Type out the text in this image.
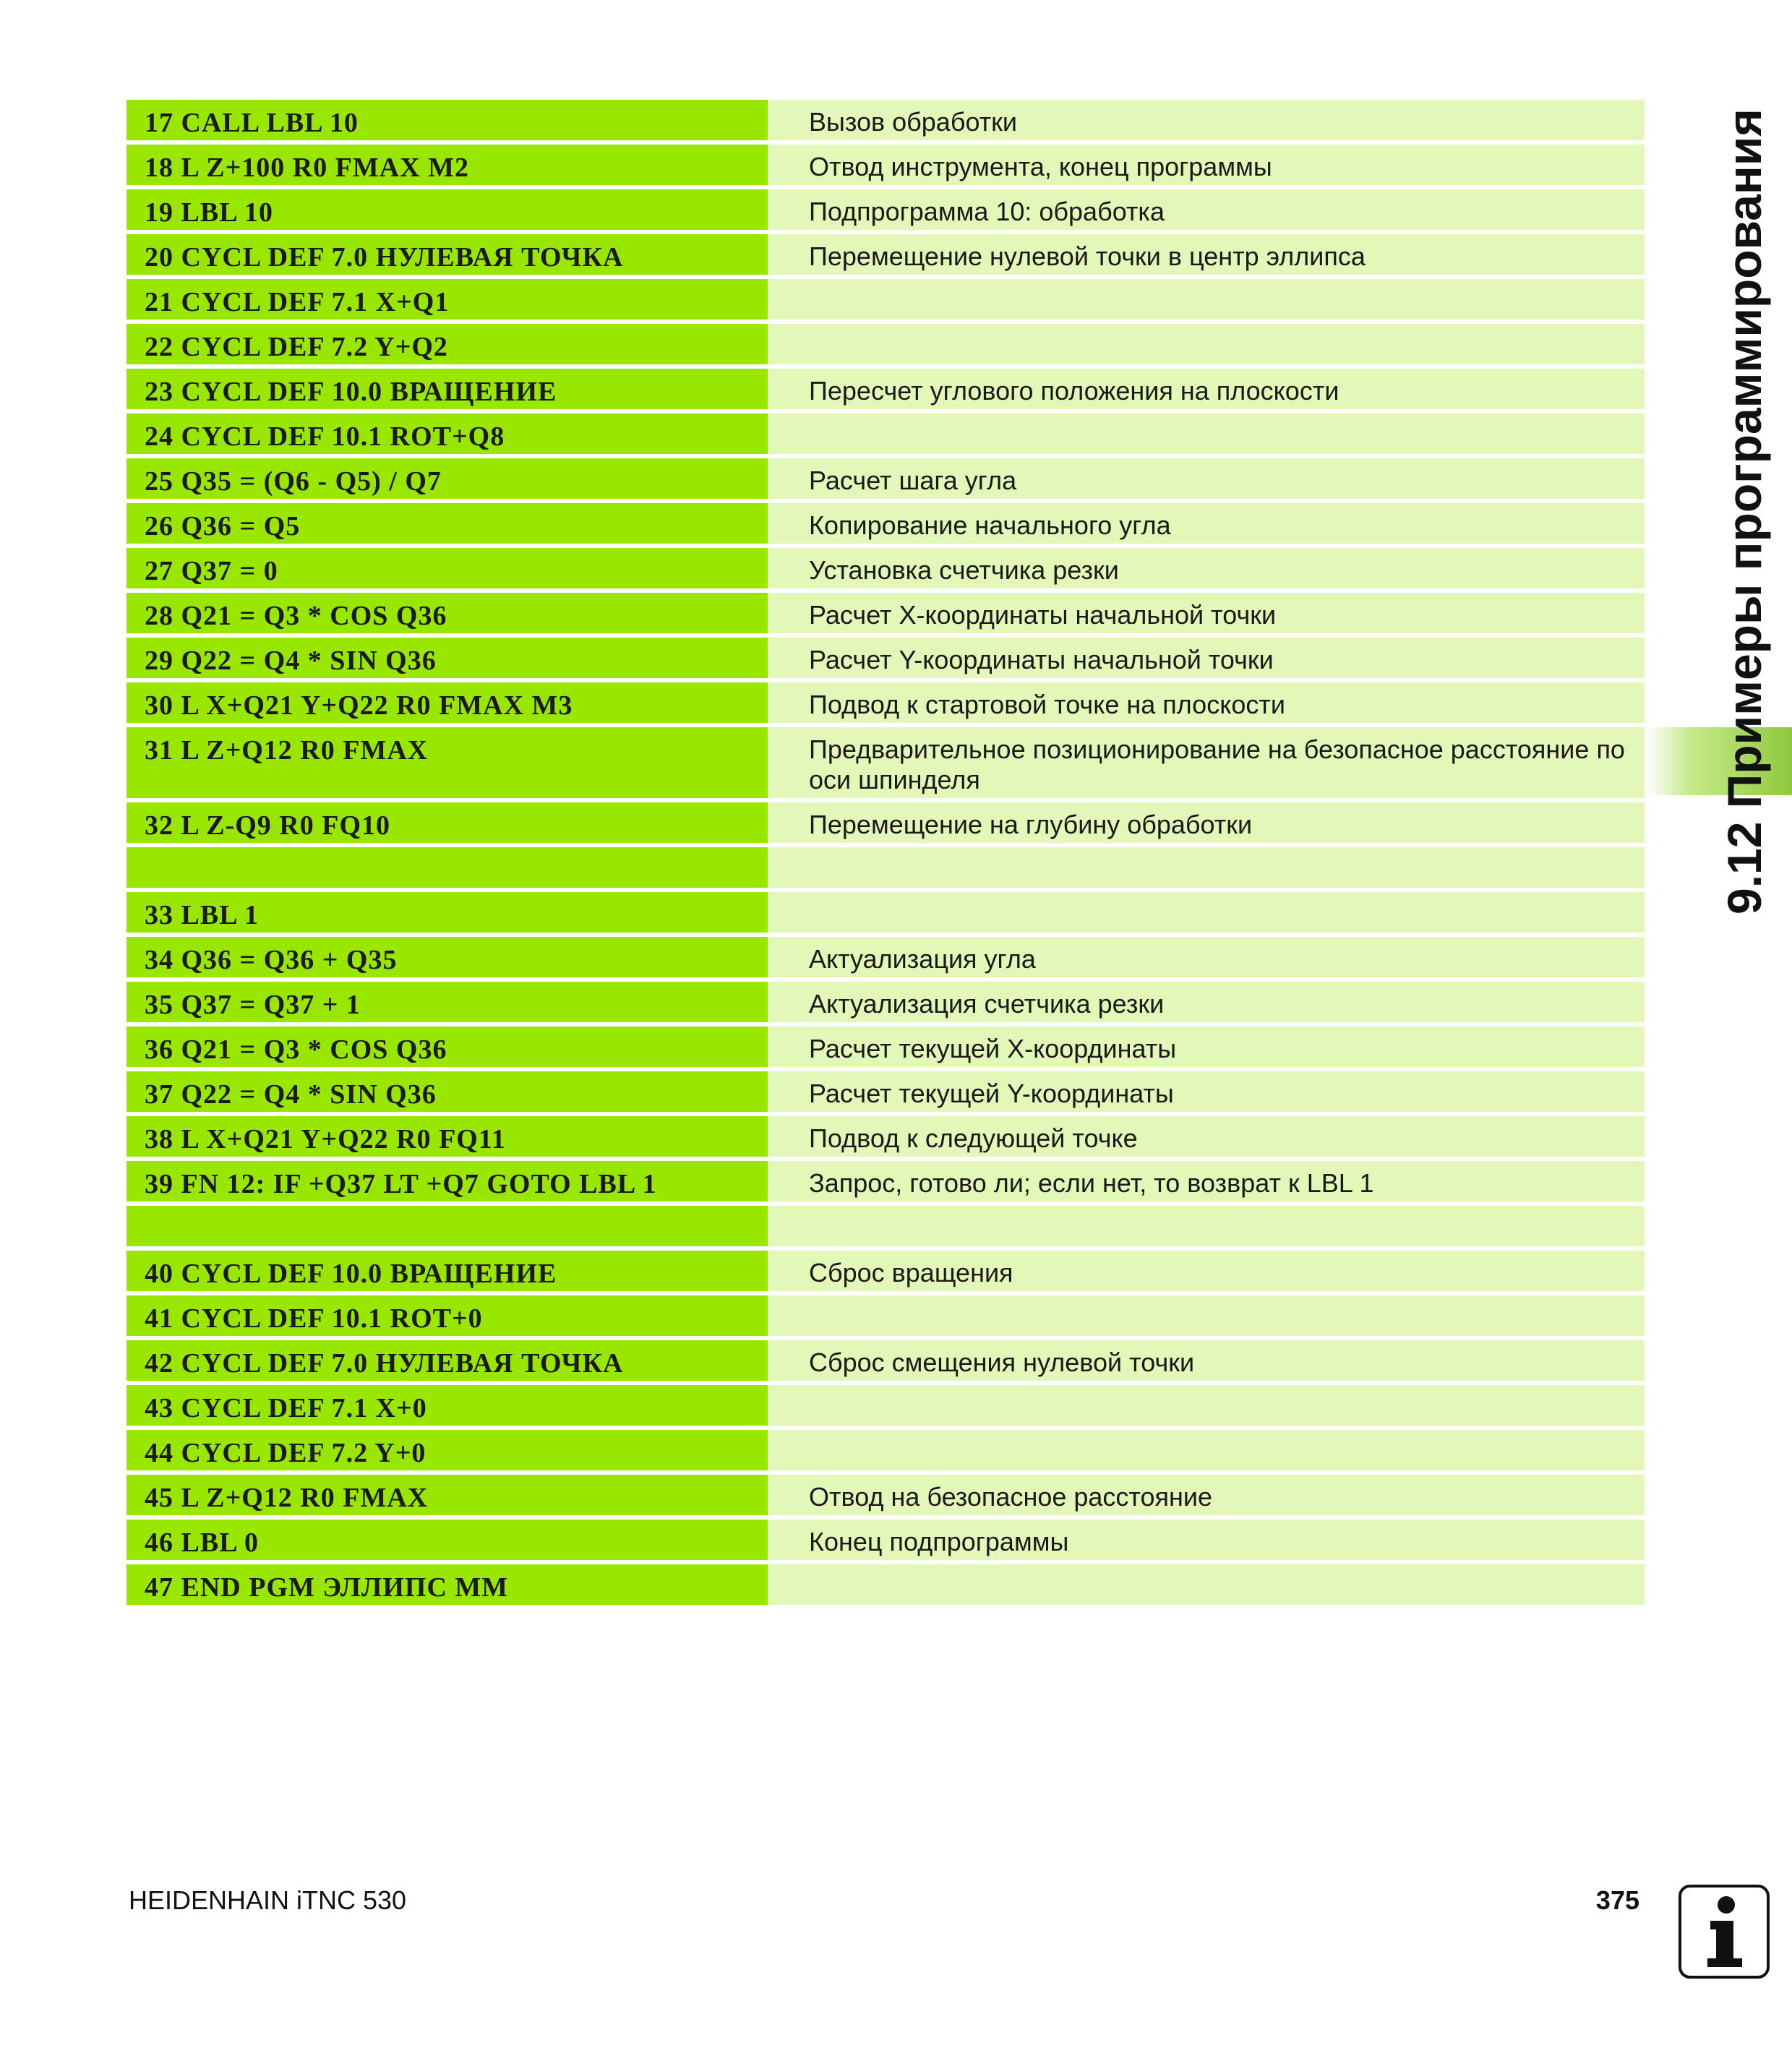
17 CALL LBL 10	Вызов обработки
18 L Z+100 R0 FMAX M2	Отвод инструмента, конец программы
19 LBL 10	Подпрограмма 10: обработка
20 CYCL DEF 7.0 НУЛЕВАЯ ТОЧКА	Перемещение нулевой точки в центр эллипса
21 CYCL DEF 7.1 X+Q1
22 CYCL DEF 7.2 Y+Q2
23 CYCL DEF 10.0 ВРАЩЕНИЕ	Пересчет углового положения на плоскости
24 CYCL DEF 10.1 ROT+Q8
25 Q35 = (Q6 - Q5) / Q7	Расчет шага угла
26 Q36 = Q5	Копирование начального угла
27 Q37 = 0	Установка счетчика резки
28 Q21 = Q3 * COS Q36	Расчет X-координаты начальной точки
29 Q22 = Q4 * SIN Q36	Расчет Y-координаты начальной точки
30 L X+Q21 Y+Q22 R0 FMAX M3	Подвод к стартовой точке на плоскости
31 L Z+Q12 R0 FMAX	Предварительное позиционирование на безопасное расстояние по оси шпинделя
32 L Z-Q9 R0 FQ10	Перемещение на глубину обработки
33 LBL 1
34 Q36 = Q36 + Q35	Актуализация угла
35 Q37 = Q37 + 1	Актуализация счетчика резки
36 Q21 = Q3 * COS Q36	Расчет текущей X-координаты
37 Q22 = Q4 * SIN Q36	Расчет текущей Y-координаты
38 L X+Q21 Y+Q22 R0 FQ11	Подвод к следующей точке
39 FN 12: IF +Q37 LT +Q7 GOTO LBL 1	Запрос, готово ли; если нет, то возврат к LBL 1
40 CYCL DEF 10.0 ВРАЩЕНИЕ	Сброс вращения
41 CYCL DEF 10.1 ROT+0
42 CYCL DEF 7.0 НУЛЕВАЯ ТОЧКА	Сброс смещения нулевой точки
43 CYCL DEF 7.1 X+0
44 CYCL DEF 7.2 Y+0
45 L Z+Q12 R0 FMAX	Отвод на безопасное расстояние
46 LBL 0	Конец подпрограммы
47 END PGM ЭЛЛИПС MM
9.12 Примеры программирования
HEIDENHAIN iTNC 530	375
